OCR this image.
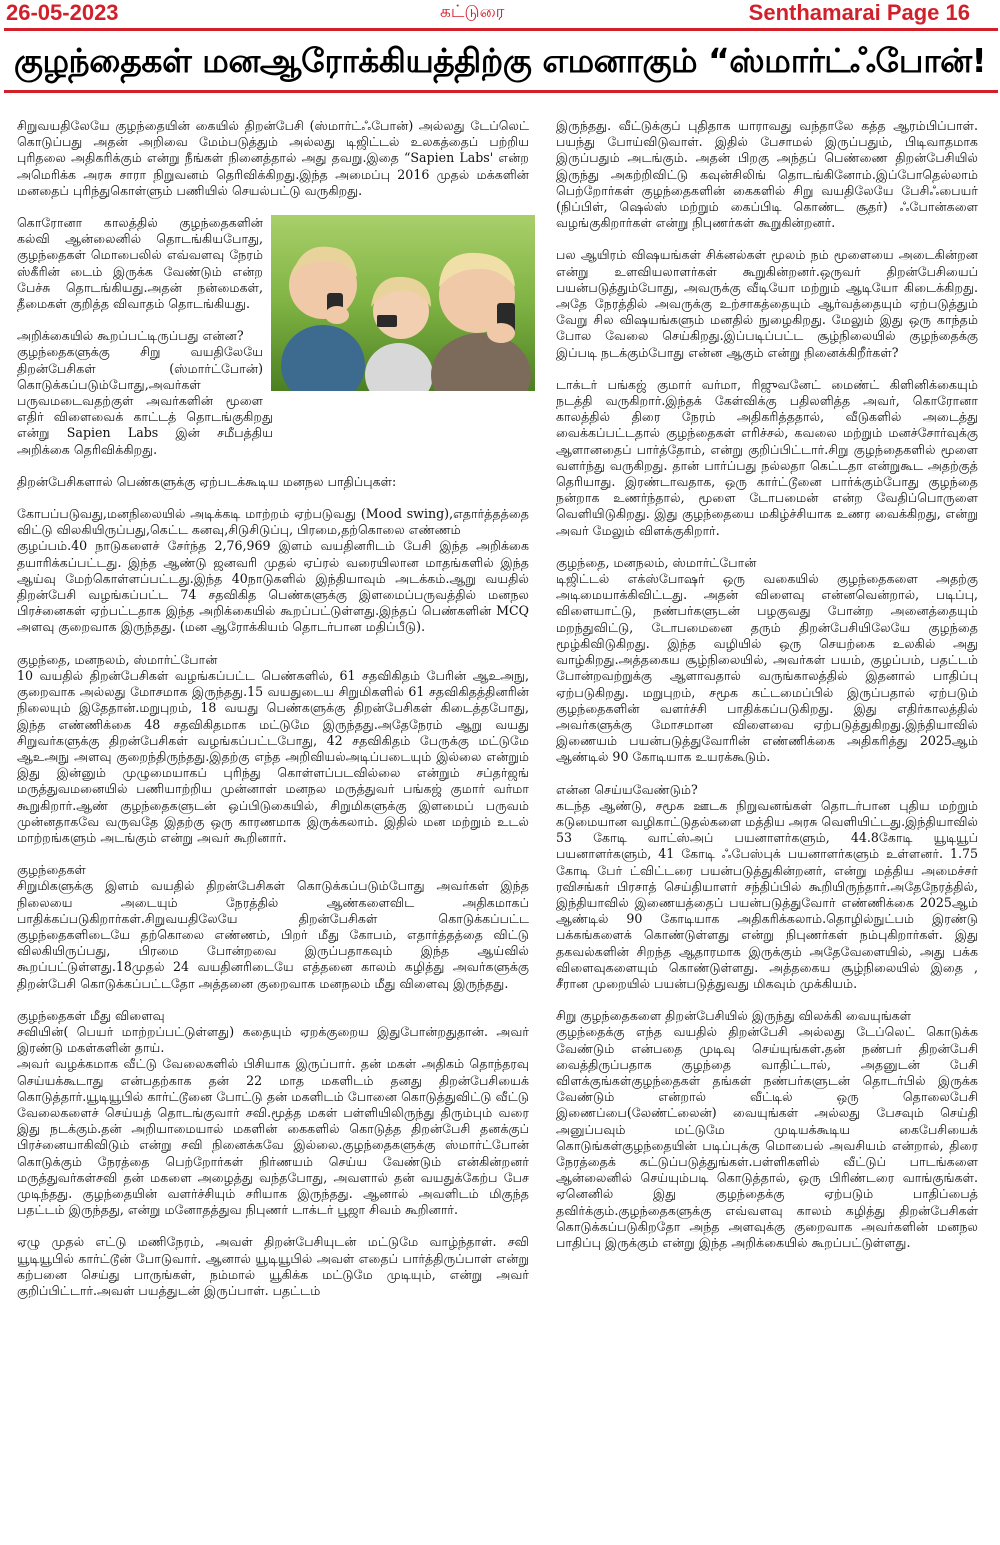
26-05-2023	கட்டுரை	Senthamarai Page 16
குழந்தைகள் மனஆரோக்கியத்திற்கு எமனாகும் “ஸ்மார்ட்ஃபோன்!

சிறுவயதிலேயே குழந்தையின் கையில் திறன்பேசி (ஸ்மார்ட்ஃபோன்) அல்லது டேப்லெட் கொடுப்பது அதன் அறிவை மேம்படுத்தும் அல்லது டிஜிட்டல் உலகத்தைப் பற்றிய புரிதலை அதிகரிக்கும் என்று நீங்கள் நினைத்தால் அது தவறு.இதை “Sapien Labs' என்ற அமெரிக்க அரசு சாரா நிறுவனம் தெரிவிக்கிறது.இந்த அமைப்பு 2016 முதல் மக்களின் மனதைப் புரிந்துகொள்ளும் பணியில் செயல்பட்டு வருகிறது.

கொரோனா காலத்தில் குழந்தைகளின் கல்வி ஆன்லைனில் தொடங்கியபோது, குழந்தைகள் மொபைலில் எவ்வளவு நேரம் ஸ்கீரின் டைம் இருக்க வேண்டும் என்ற பேச்சு தொடங்கியது.அதன் நன்மைகள், தீமைகள் குறித்த விவாதம் தொடங்கியது.

அறிக்கையில் கூறப்பட்டிருப்பது என்ன?

குழந்தைகளுக்கு சிறு வயதிலேயே திறன்பேசிகள் (ஸ்மார்ட்போன்) கொடுக்கப்படும்போது,அவர்கள் பருவமடைவதற்குள் அவர்களின் மூளை எதிர் விளைவைக் காட்டத் தொடங்குகிறது என்று Sapien Labs இன் சமீபத்திய அறிக்கை தெரிவிக்கிறது.

திறன்பேசிகளால் பெண்களுக்கு ஏற்படக்கூடிய மனநல பாதிப்புகள்:

கோபப்படுவது,மனநிலையில் அடிக்கடி மாற்றம் ஏற்படுவது (Mood swing),எதார்த்தத்தை விட்டு விலகியிருப்பது,கெட்ட கனவு,சிடுசிடுப்பு, பிரமை,தற்கொலை எண்ணம்

குழப்பம்.40 நாடுகளைச் சேர்ந்த 2,76,969 இளம் வயதினரிடம் பேசி இந்த அறிக்கை தயாரிக்கப்பட்டது. இந்த ஆண்டு ஜனவரி முதல் ஏப்ரல் வரையிலான மாதங்களில் இந்த ஆய்வு மேற்கொள்ளப்பட்டது.இந்த 40நாடுகளில் இந்தியாவும் அடக்கம்.ஆறு வயதில் திறன்பேசி வழங்கப்பட்ட 74 சதவிகித பெண்களுக்கு இளமைப்பருவத்தில் மனநல பிரச்னைகள் ஏற்பட்டதாக இந்த அறிக்கையில் கூறப்பட்டுள்ளது.இந்தப் பெண்களின் MCQ அளவு குறைவாக இருந்தது. (மன ஆரோக்கியம் தொடர்பான மதிப்பீடு).

குழந்தை, மனநலம், ஸ்மார்ட்போன்

10 வயதில் திறன்பேசிகள் வழங்கப்பட்ட பெண்களில், 61 சதவிகிதம் பேரின் ஆஉஅநு, குறைவாக அல்லது மோசமாக இருந்தது.15 வயதுடைய சிறுமிகளில் 61 சதவிகிதத்தினரின் நிலையும் இதேதான்.மறுபுறம், 18 வயது பெண்களுக்கு திறன்பேசிகள் கிடைத்தபோது, இந்த எண்ணிக்கை 48 சதவிகிதமாக மட்டுமே இருந்தது.அதேநேரம் ஆறு வயது சிறுவர்களுக்கு திறன்பேசிகள் வழங்கப்பட்டபோது, 42 சதவிகிதம் பேருக்கு மட்டுமே ஆஉஅநு அளவு குறைந்திருந்தது.இதற்கு எந்த அறிவியல்அடிப்படையும் இல்லை என்றும் இது இன்னும் முழுமையாகப் புரிந்து கொள்ளப்படவில்லை என்றும் சப்தர்ஜங் மருத்துவமனையில் பணியாற்றிய முன்னாள் மனநல மருத்துவர் பங்கஜ் குமார் வர்மா கூறுகிறார்.ஆண் குழந்தைகளுடன் ஒப்பிடுகையில், சிறுமிகளுக்கு இளமைப் பருவம் முன்னதாகவே வருவதே இதற்கு ஒரு காரணமாக இருக்கலாம். இதில் மன மற்றும் உடல் மாற்றங்களும் அடங்கும் என்று அவர் கூறினார்.

குழந்தைகள்

சிறுமிகளுக்கு இளம் வயதில் திறன்பேசிகள் கொடுக்கப்படும்போது அவர்கள் இந்த நிலையை அடையும் நேரத்தில் ஆண்களைவிட அதிகமாகப் பாதிக்கப்படுகிறார்கள்.சிறுவயதிலேயே திறன்பேசிகள் கொடுக்கப்பட்ட குழந்தைகளிடையே தற்கொலை எண்ணம், பிறர் மீது கோபம், எதார்த்தத்தை விட்டு விலகியிருப்பது, பிரமை போன்றவை இருப்பதாகவும் இந்த ஆய்வில் கூறப்பட்டுள்ளது.18முதல் 24 வயதினரிடையே எத்தனை காலம் கழித்து அவர்களுக்கு திறன்பேசி கொடுக்கப்பட்டதோ அத்தனை குறைவாக மனநலம் மீது விளைவு இருந்தது.

குழந்தைகள் மீது விளைவு
சவியின்( பெயர் மாற்றப்பட்டுள்ளது) கதையும் ஏறக்குறைய இதுபோன்றதுதான். அவர் இரண்டு மகள்களின் தாய்.

அவர் வழக்கமாக வீட்டு வேலைகளில் பிசியாக இருப்பார். தன் மகள் அதிகம் தொந்தரவு செய்யக்கூடாது என்பதற்காக தன் 22 மாத மகளிடம் தனது திறன்பேசியைக் கொடுத்தார்.யூடியூபில் கார்ட்டூனை போட்டு தன் மகளிடம் போனை கொடுத்துவிட்டு வீட்டு வேலைகளைச் செய்யத் தொடங்குவார் சவி.மூத்த மகள் பள்ளியிலிருந்து திரும்பும் வரை இது நடக்கும்.தன் அறியாமையால் மகளின் கைகளில் கொடுத்த திறன்பேசி தனக்குப் பிரச்னையாகிவிடும் என்று சவி நினைக்கவே இல்லை.குழந்தைகளுக்கு ஸ்மார்ட்போன் கொடுக்கும் நேரத்தை பெற்றோர்கள் நிர்ணயம் செய்ய வேண்டும் என்கின்றனர் மருத்துவர்கள்சவி தன் மகளை அழைத்து வந்தபோது, அவளால் தன் வயதுக்கேற்ப பேச முடிந்தது. குழந்தையின் வளர்ச்சியும் சரியாக இருந்தது. ஆனால் அவளிடம் மிகுந்த பதட்டம் இருந்தது, என்று மனோதத்துவ நிபுணர் டாக்டர் பூஜா சிவம் கூறினார்.

ஏழு முதல் எட்டு மணிநேரம், அவள் திறன்பேசியுடன் மட்டுமே வாழ்ந்தாள். சவி யூடியூபில் கார்ட்டூன் போடுவார். ஆனால் யூடியூபில் அவள் எதைப் பார்த்திருப்பாள் என்று கற்பனை செய்து பாருங்கள், நம்மால் யூகிக்க மட்டுமே முடியும், என்று அவர் குறிப்பிட்டார்.அவள் பயத்துடன் இருப்பாள். பதட்டம்

இருந்தது. வீட்டுக்குப் புதிதாக யாராவது வந்தாலே கத்த ஆரம்பிப்பாள். பயந்து போய்விடுவாள். இதில் பேசாமல் இருப்பதும், பிடிவாதமாக இருப்பதும் அடங்கும். அதன் பிறகு அந்தப் பெண்ணை திறன்பேசியில் இருந்து அகற்றிவிட்டு கவுன்சிலிங் தொடங்கினோம்.இப்போதெல்லாம் பெற்றோர்கள் குழந்தைகளின் கைகளில் சிறு வயதிலேயே பேசிஃபையர் (நிப்பிள், ஷெல்ஸ் மற்றும் கைப்பிடி கொண்ட சூதர்) ஃபோன்களை வழங்குகிறார்கள் என்று நிபுணர்கள் கூறுகின்றனர்.

பல ஆயிரம் விஷயங்கள் சிக்னல்கள் மூலம் நம் மூளையை அடைகின்றன என்று உளவியலாளர்கள் கூறுகின்றனர்.ஒருவர் திறன்பேசியைப் பயன்படுத்தும்போது, அவருக்கு வீடியோ மற்றும் ஆடியோ கிடைக்கிறது. அதே நேரத்தில் அவருக்கு உற்சாகத்தையும் ஆர்வத்தையும் ஏற்படுத்தும் வேறு சில விஷயங்களும் மனதில் நுழைகிறது. மேலும் இது ஒரு காந்தம் போல வேலை செய்கிறது.இப்படிப்பட்ட சூழ்நிலையில் குழந்தைக்கு இப்படி நடக்கும்போது என்ன ஆகும் என்று நினைக்கிறீர்கள்?

டாக்டர் பங்கஜ் குமார் வர்மா, ரிஜுவனேட் மைண்ட் கிளினிக்கையும் நடத்தி வருகிறார்.இந்தக் கேள்விக்கு பதிலளித்த அவர், கொரோனா காலத்தில் திரை நேரம் அதிகரித்ததால், வீடுகளில் அடைத்து வைக்கப்பட்டதால் குழந்தைகள் எரிச்சல், கவலை மற்றும் மனச்சோர்வுக்கு ஆளானதைப் பார்த்தோம், என்று குறிப்பிட்டார்.சிறு குழந்தைகளில் மூளை வளர்ந்து வருகிறது. தான் பார்ப்பது நல்லதா கெட்டதா என்றுகூட அதற்குத் தெரியாது. இரண்டாவதாக, ஒரு கார்ட்டூனை பார்க்கும்போது குழந்தை நன்றாக உணர்ந்தால், மூளை டோபமைன் என்ற வேதிப்பொருளை வெளியிடுகிறது. இது குழந்தையை மகிழ்ச்சியாக உணர வைக்கிறது, என்று அவர் மேலும் விளக்குகிறார்.

குழந்தை, மனநலம், ஸ்மார்ட்போன்

டிஜிட்டல் எக்ஸ்போஷர் ஒரு வகையில் குழந்தைகளை அதற்கு அடிமையாக்கிவிட்டது. அதன் விளைவு என்னவென்றால், படிப்பு, விளையாட்டு, நண்பர்களுடன் பழகுவது போன்ற அனைத்தையும் மறந்துவிட்டு, டோபமைனை தரும் திறன்பேசியிலேயே குழந்தை மூழ்கிவிடுகிறது. இந்த வழியில் ஒரு செயற்கை உலகில் அது வாழ்கிறது.அத்தகைய சூழ்நிலையில், அவர்கள் பயம், குழப்பம், பதட்டம் போன்றவற்றுக்கு ஆளாவதால் வருங்காலத்தில் இதனால் பாதிப்பு ஏற்படுகிறது. மறுபுறம், சமூக கட்டமைப்பில் இருப்பதால் ஏற்படும் குழந்தைகளின் வளர்ச்சி பாதிக்கப்படுகிறது. இது எதிர்காலத்தில் அவர்களுக்கு மோசமான விளைவை ஏற்படுத்துகிறது.இந்தியாவில் இணையம் பயன்படுத்துவோரின் எண்ணிக்கை அதிகரித்து 2025ஆம் ஆண்டில் 90 கோடியாக உயரக்கூடும்.

என்ன செய்யவேண்டும்?

கடந்த ஆண்டு, சமூக ஊடக நிறுவனங்கள் தொடர்பான புதிய மற்றும் கடுமையான வழிகாட்டுதல்களை மத்திய அரசு வெளியிட்டது.இந்தியாவில் 53 கோடி வாட்ஸ்அப் பயனாளர்களும், 44.8கோடி யூடியூப் பயனாளர்களும், 41 கோடி ஃபேஸ்புக் பயனாளர்களும் உள்ளனர். 1.75 கோடி பேர் ட்விட்டரை பயன்படுத்துகின்றனர், என்று மத்திய அமைச்சர் ரவிசங்கர் பிரசாத் செய்தியாளர் சந்திப்பில் கூறியிருந்தார்.அதேநேரத்தில், இந்தியாவில் இணையத்தைப் பயன்படுத்துவோர் எண்ணிக்கை 2025ஆம் ஆண்டில் 90 கோடியாக அதிகரிக்கலாம்.தொழில்நுட்பம் இரண்டு பக்கங்களைக் கொண்டுள்ளது என்று நிபுணர்கள் நம்புகிறார்கள். இது தகவல்களின் சிறந்த ஆதாரமாக இருக்கும் அதேவேளையில், அது பக்க விளைவுகளையும் கொண்டுள்ளது. அத்தகைய சூழ்நிலையில் இதை , சீரான முறையில் பயன்படுத்துவது மிகவும் முக்கியம்.

சிறு குழந்தைகளை திறன்பேசியில் இருந்து விலக்கி வையுங்கள்

குழந்தைக்கு எந்த வயதில் திறன்பேசி அல்லது டேப்லெட் கொடுக்க வேண்டும் என்பதை முடிவு செய்யுங்கள்.தன் நண்பர் திறன்பேசி வைத்திருப்பதாக குழந்தை வாதிட்டால், அதனுடன் பேசி விளக்குங்கள்குழந்தைகள் தங்கள் நண்பர்களுடன் தொடர்பில் இருக்க வேண்டும் என்றால் வீட்டில் ஒரு தொலைபேசி இணைப்பை(லேண்ட்லைன்) வையுங்கள் அல்லது பேசவும் செய்தி அனுப்பவும் மட்டுமே முடியக்கூடிய கைபேசியைக் கொடுங்கள்குழந்தையின் படிப்புக்கு மொபைல் அவசியம் என்றால், திரை நேரத்தைக் கட்டுப்படுத்துங்கள்.பள்ளிகளில் வீட்டுப் பாடங்களை ஆன்லைனில் செய்யும்படி கொடுத்தால், ஒரு பிரிண்டரை வாங்குங்கள். ஏனெனில் இது குழந்தைக்கு ஏற்படும் பாதிப்பைத் தவிர்க்கும்.குழந்தைகளுக்கு எவ்வளவு காலம் கழித்து திறன்பேசிகள் கொடுக்கப்படுகிறதோ அந்த அளவுக்கு குறைவாக அவர்களின் மனநல பாதிப்பு இருக்கும் என்று இந்த அறிக்கையில் கூறப்பட்டுள்ளது.
